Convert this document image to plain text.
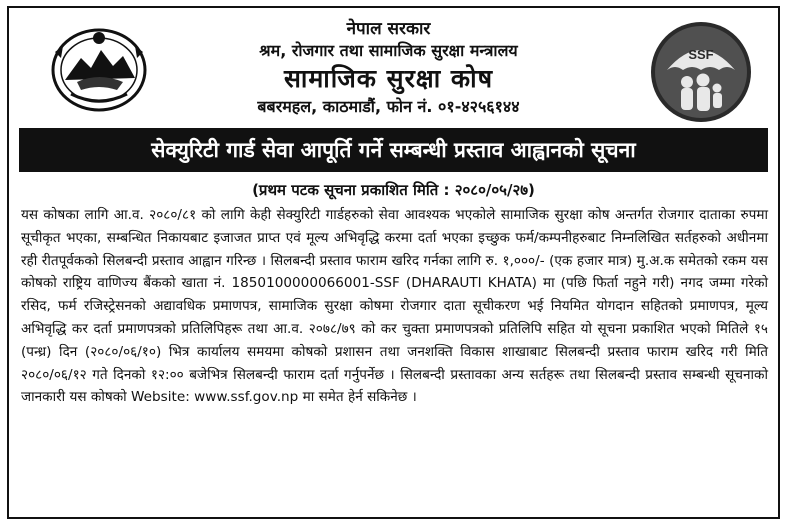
SSF
नेपाल सरकार
श्रम, रोजगार तथा सामाजिक सुरक्षा मन्त्रालय
सामाजिक सुरक्षा कोष
बबरमहल, काठमाडौं, फोन नं. ०१-४२५६१४४
सेक्युरिटी गार्ड सेवा आपूर्ति गर्ने सम्बन्धी प्रस्ताव आह्वानको सूचना
(प्रथम पटक सूचना प्रकाशित मिति : २०८०/०५/२७)

यस कोषका लागि आ.व. २०८०/८१ को लागि केही सेक्युरिटी गार्डहरुको सेवा आवश्यक भएकोले सामाजिक सुरक्षा कोष अन्तर्गत रोजगार दाताका रुपमा सूचीकृत भएका, सम्बन्धित निकायबाट इजाजत प्राप्त एवं मूल्य अभिवृद्धि करमा दर्ता भएका इच्छुक फर्म/कम्पनीहरुबाट निम्नलिखित सर्तहरुको अधीनमा रही रीतपूर्वकको सिलबन्दी प्रस्ताव आह्वान गरिन्छ । सिलबन्दी प्रस्ताव फाराम खरिद गर्नका लागि रु. १,०००/- (एक हजार मात्र) मु.अ.क समेतको रकम यस कोषको राष्ट्रिय वाणिज्य बैंकको खाता नं. 1850100000066001-SSF (DHARAUTI KHATA) मा (पछि फिर्ता नहुने गरी) नगद जम्मा गरेको रसिद, फर्म रजिस्ट्रेसनको अद्यावधिक प्रमाणपत्र, सामाजिक सुरक्षा कोषमा रोजगार दाता सूचीकरण भई नियमित योगदान सहितको प्रमाणपत्र, मूल्य अभिवृद्धि कर दर्ता प्रमाणपत्रको प्रतिलिपिहरू तथा आ.व. २०७८/७९ को कर चुक्ता प्रमाणपत्रको प्रतिलिपि सहित यो सूचना प्रकाशित भएको मितिले १५ (पन्ध्र) दिन (२०८०/०६/१०) भित्र कार्यालय समयमा कोषको प्रशासन तथा जनशक्ति विकास शाखाबाट सिलबन्दी प्रस्ताव फाराम खरिद गरी मिति २०८०/०६/१२ गते दिनको १२:०० बजेभित्र सिलबन्दी फाराम दर्ता गर्नुपर्नेछ । सिलबन्दी प्रस्तावका अन्य सर्तहरू तथा सिलबन्दी प्रस्ताव सम्बन्धी सूचनाको जानकारी यस कोषको Website: www.ssf.gov.np मा समेत हेर्न सकिनेछ ।
